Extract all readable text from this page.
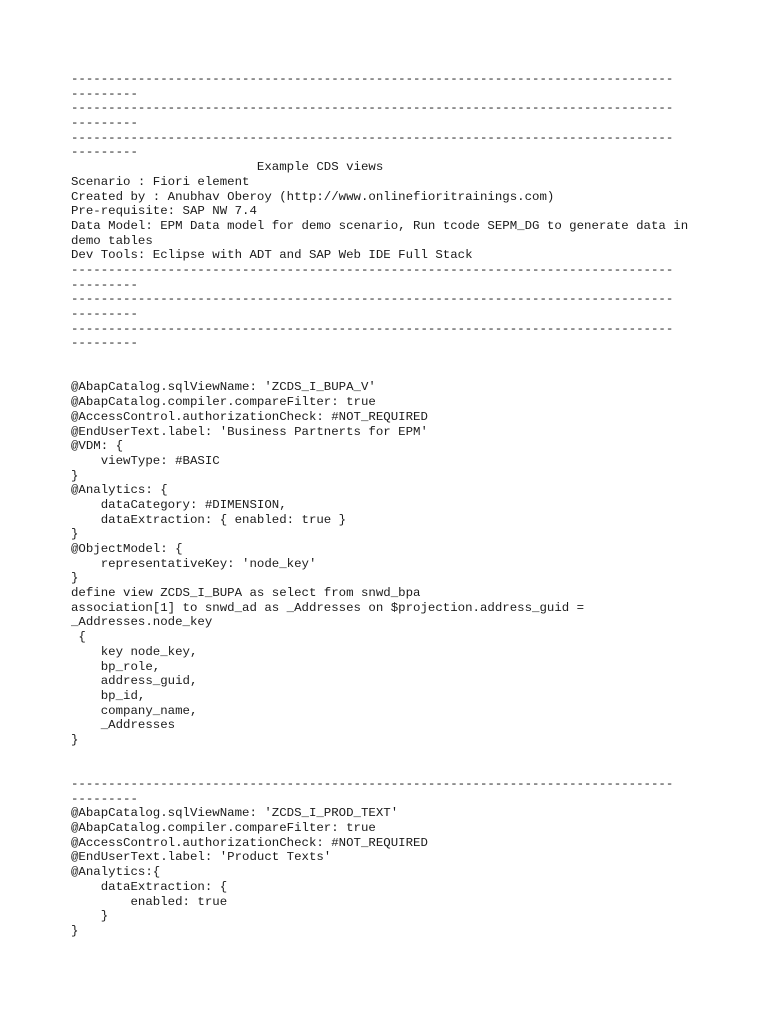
---------------------------------------------------------------------------------
---------
---------------------------------------------------------------------------------
---------
---------------------------------------------------------------------------------
---------
Example CDS views
Scenario : Fiori element
Created by : Anubhav Oberoy (http://www.onlinefioritrainings.com)
Pre-requisite: SAP NW 7.4
Data Model: EPM Data model for demo scenario, Run tcode SEPM_DG to generate data in
demo tables
Dev Tools: Eclipse with ADT and SAP Web IDE Full Stack
---------------------------------------------------------------------------------
---------
---------------------------------------------------------------------------------
---------
---------------------------------------------------------------------------------
---------
@AbapCatalog.sqlViewName: 'ZCDS_I_BUPA_V'
@AbapCatalog.compiler.compareFilter: true
@AccessControl.authorizationCheck: #NOT_REQUIRED
@EndUserText.label: 'Business Partnerts for EPM'
@VDM: {
viewType: #BASIC
}
@Analytics: {
dataCategory: #DIMENSION,
dataExtraction: { enabled: true }
}
@ObjectModel: {
representativeKey: 'node_key'
}
define view ZCDS_I_BUPA as select from snwd_bpa
association[1] to snwd_ad as _Addresses on $projection.address_guid =
_Addresses.node_key
{
key node_key,
bp_role,
address_guid,
bp_id,
company_name,
_Addresses
}
---------------------------------------------------------------------------------
---------
@AbapCatalog.sqlViewName: 'ZCDS_I_PROD_TEXT'
@AbapCatalog.compiler.compareFilter: true
@AccessControl.authorizationCheck: #NOT_REQUIRED
@EndUserText.label: 'Product Texts'
@Analytics:{
dataExtraction: {
enabled: true
}
}
